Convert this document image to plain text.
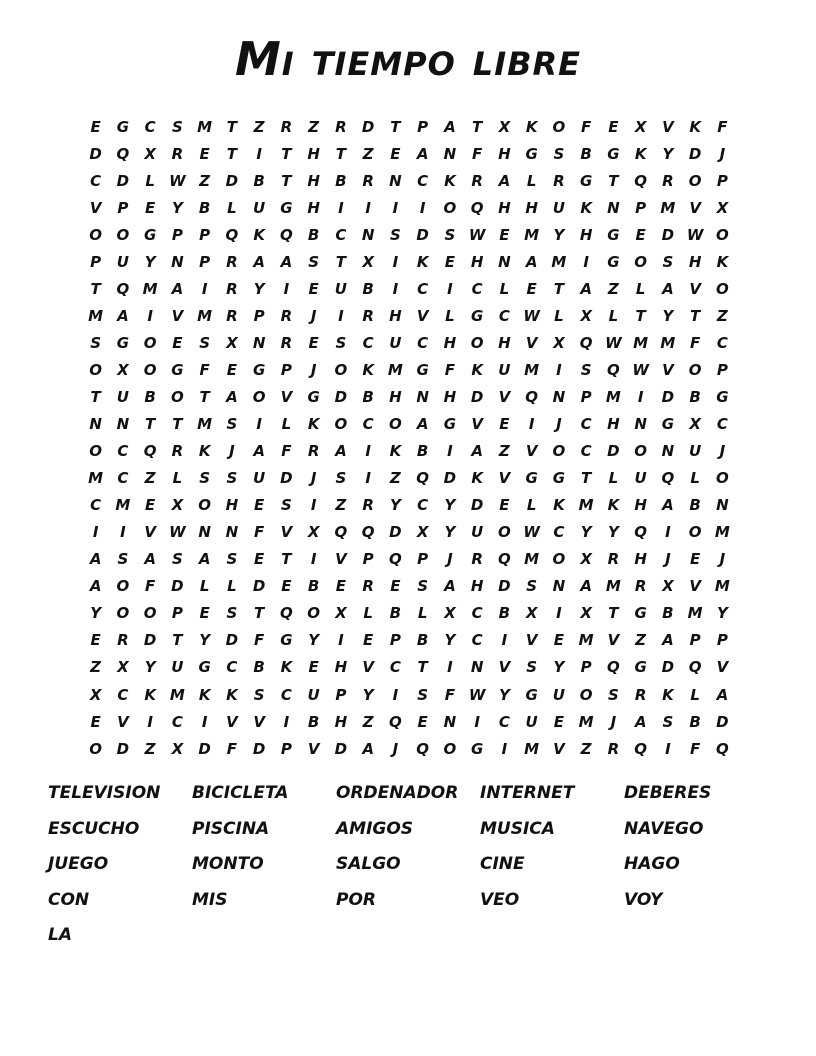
Mi tiempo libre
E	G	C	S M T	Z	R	Z	R	D	T	P	A	T	X	K	O	F	E	X	V	K	F
D Q	X	R	E	T	I	T	H	T	Z	E	A	N	F	H G	S	B	G	K	Y	D	J
C	D	L W Z	D	B	T	H	B	R	N	C	K	R	A	L	R	G	T	Q	R	O	P
V	P	E	Y	B	L	U	G H	I	I	I	I	O Q H H U	K	N	P M V	X
O O G	P	P	Q	K	Q	B	C	N	S	D	S W E M Y	H G	E	D W O
P	U	Y	N	P	R	A	A	S	T	X	I	K	E	H N	A M	I	G O	S	H	K
T	Q M A	I	R	Y	I	E	U	B	I	C	I	C	L	E	T	A	Z	L	A	V	O
M A	I	V M R	P	R	J	I	R	H	V	L	G	C W L	X	L	T	Y	T	Z
S	G O	E	S	X	N	R	E	S	C	U	C	H O H	V	X	Q W M M F	C
O	X	O G	F	E	G	P	J	O	K M G	F	K	U M	I	S	Q W V	O	P
T	U	B	O	T	A	O	V	G D	B	H N H D	V	Q N	P M	I	D	B	G
N N	T	T M S	I	L	K	O	C	O	A	G	V	E	I	J	C	H N G	X	C
O	C	Q	R	K	J	A	F	R	A	I	K	B	I	A	Z	V	O	C	D O N U	J
M C	Z	L	S	S	U D	J	S	I	Z	Q D	K	V	G G	T	L	U Q	L	O
C M E	X	O H	E	S	I	Z	R	Y	C	Y	D	E	L	K M K	H	A	B	N
I	I	V W N N	F	V	X	Q Q D	X	Y	U O W C	Y	Y	Q	I	O M
A	S	A	S	A	S	E	T	I	V	P	Q	P	J	R	Q M O	X	R	H	J	E	J
A	O	F	D	L	L	D	E	B	E	R	E	S	A	H D	S	N	A M R	X	V M
Y	O O	P	E	S	T	Q O	X	L	B	L	X	C	B	X	I	X	T	G	B M Y
E	R	D	T	Y	D	F	G	Y	I	E	P	B	Y	C	I	V	E M V	Z	A	P	P
Z	X	Y	U	G	C	B	K	E	H	V	C	T	I	N	V	S	Y	P	Q G D Q	V
X	C	K M K	K	S	C	U	P	Y	I	S	F W Y	G	U O	S	R	K	L	A
E	V	I	C	I	V	V	I	B	H	Z	Q	E	N	I	C	U	E M	J	A	S	B	D
O D	Z	X	D	F	D	P	V	D	A	J	Q O G	I	M V	Z	R	Q	I	F	Q
TELEVISION	BICICLETA	ORDENADOR	INTERNET	DEBERES
ESCUCHO	PISCINA	AMIGOS	MUSICA	NAVEGO
JUEGO	MONTO	SALGO	CINE	HAGO
CON	MIS	POR	VEO	VOY
LA
